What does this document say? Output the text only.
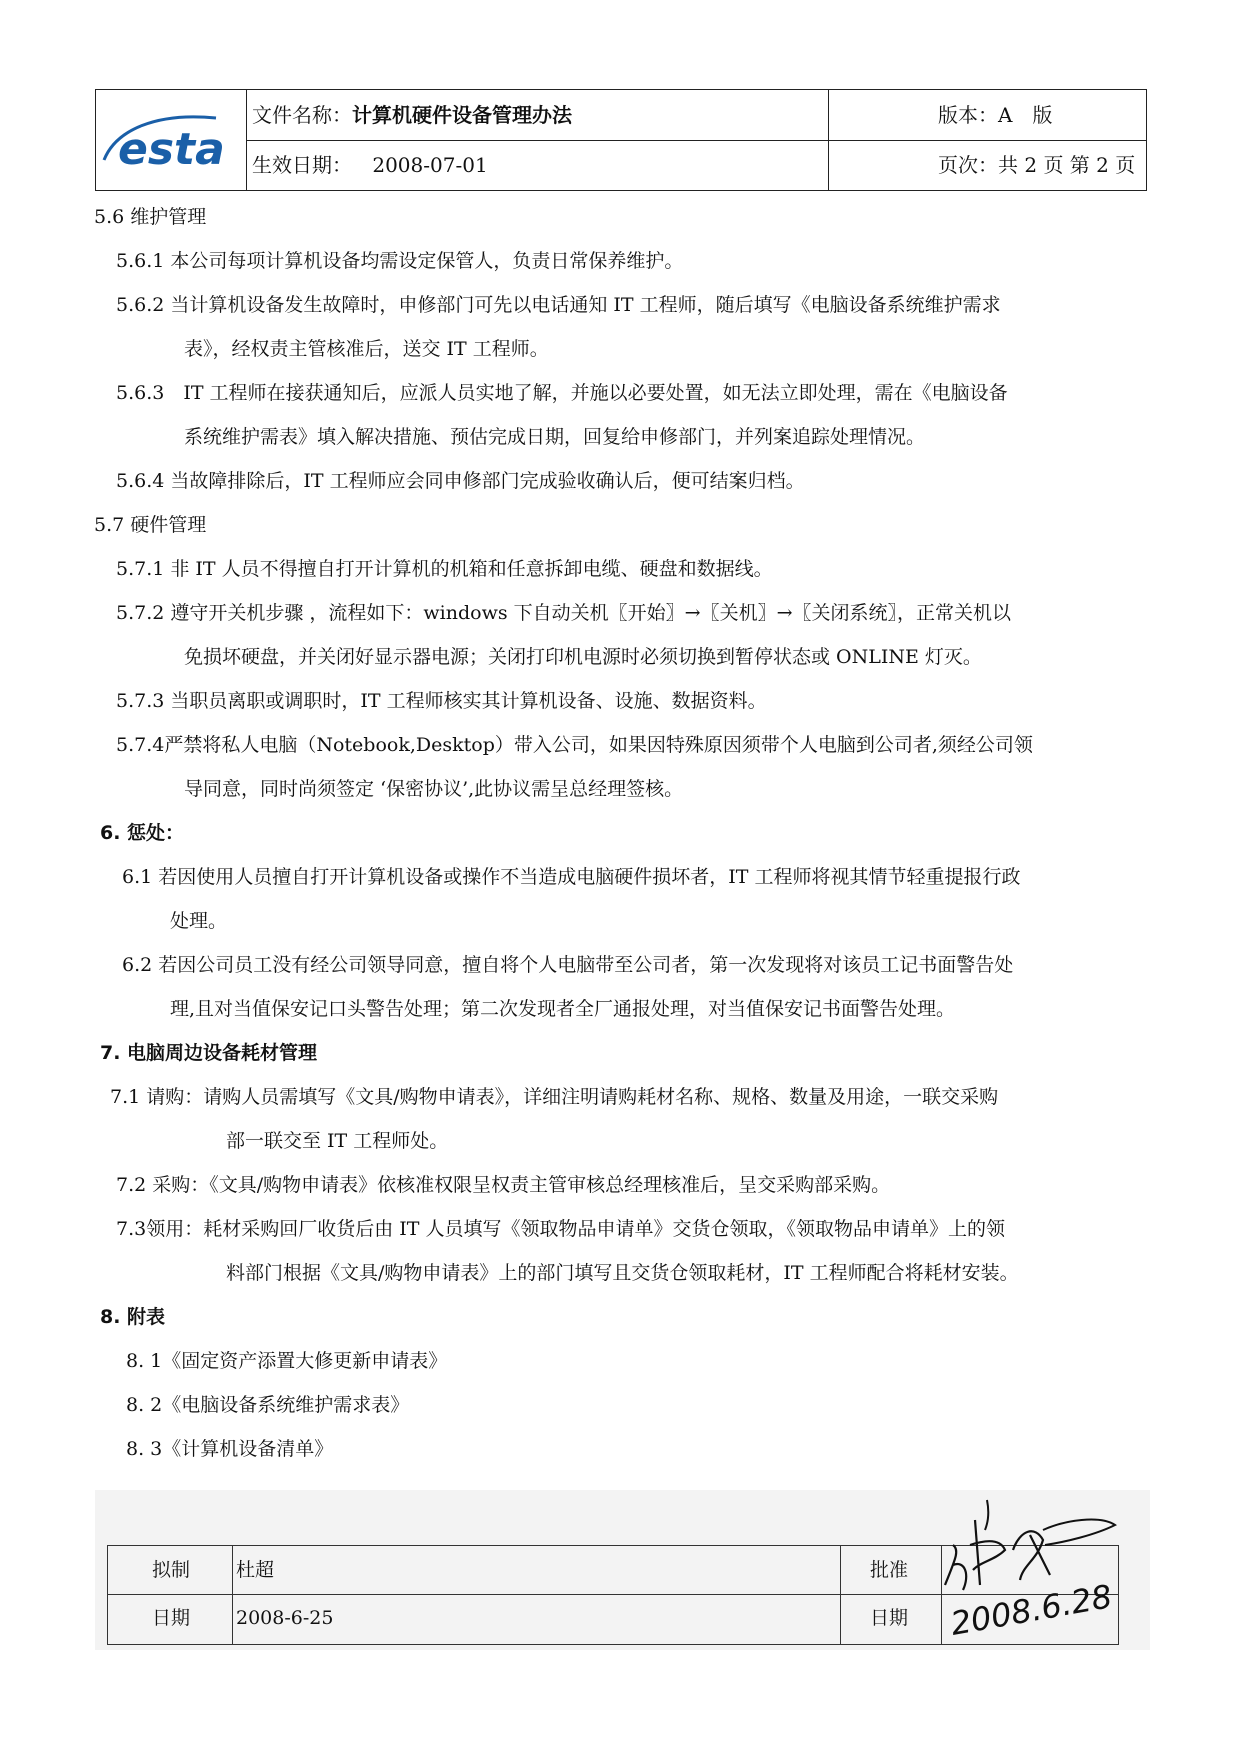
esta
文件名称：计算机硬件设备管理办法	版本：A　版
生效日期： 2008-07-01	页次：共 2 页 第 2 页
5.6 维护管理
5.6.1 本公司每项计算机设备均需设定保管人，负责日常保养维护。
5.6.2 当计算机设备发生故障时，申修部门可先以电话通知 IT 工程师，随后填写《电脑设备系统维护需求
表》，经权责主管核准后，送交 IT 工程师。
5.6.3　IT 工程师在接获通知后，应派人员实地了解，并施以必要处置，如无法立即处理，需在《电脑设备
系统维护需表》填入解决措施、预估完成日期，回复给申修部门，并列案追踪处理情况。
5.6.4 当故障排除后，IT 工程师应会同申修部门完成验收确认后，便可结案归档。
5.7 硬件管理
5.7.1 非 IT 人员不得擅自打开计算机的机箱和任意拆卸电缆、硬盘和数据线。
5.7.2 遵守开关机步骤 ，流程如下：windows 下自动关机〖开始〗→〖关机〗→〖关闭系统〗，正常关机以
免损坏硬盘，并关闭好显示器电源；关闭打印机电源时必须切换到暂停状态或 ONLINE 灯灭。
5.7.3 当职员离职或调职时，IT 工程师核实其计算机设备、设施、数据资料。
5.7.4严禁将私人电脑（Notebook,Desktop）带入公司，如果因特殊原因须带个人电脑到公司者,须经公司领
导同意，同时尚须签定 ‘保密协议’,此协议需呈总经理签核。
6. 惩处：
6.1 若因使用人员擅自打开计算机设备或操作不当造成电脑硬件损坏者，IT 工程师将视其情节轻重提报行政
处理。
6.2 若因公司员工没有经公司领导同意，擅自将个人电脑带至公司者，第一次发现将对该员工记书面警告处
理,且对当值保安记口头警告处理；第二次发现者全厂通报处理，对当值保安记书面警告处理。
7. 电脑周边设备耗材管理
7.1 请购：请购人员需填写《文具/购物申请表》，详细注明请购耗材名称、规格、数量及用途，一联交采购
部一联交至 IT 工程师处。
7.2 采购：《文具/购物申请表》依核准权限呈权责主管审核总经理核准后，呈交采购部采购。
7.3领用：耗材采购回厂收货后由 IT 人员填写《领取物品申请单》交货仓领取，《领取物品申请单》上的领
料部门根据《文具/购物申请表》上的部门填写且交货仓领取耗材，IT 工程师配合将耗材安装。
8. 附表
8. 1《固定资产添置大修更新申请表》
8. 2《电脑设备系统维护需求表》
8. 3《计算机设备清单》
拟制 杜超
日期 2008-6-25
批准
日期 2008.6.28
